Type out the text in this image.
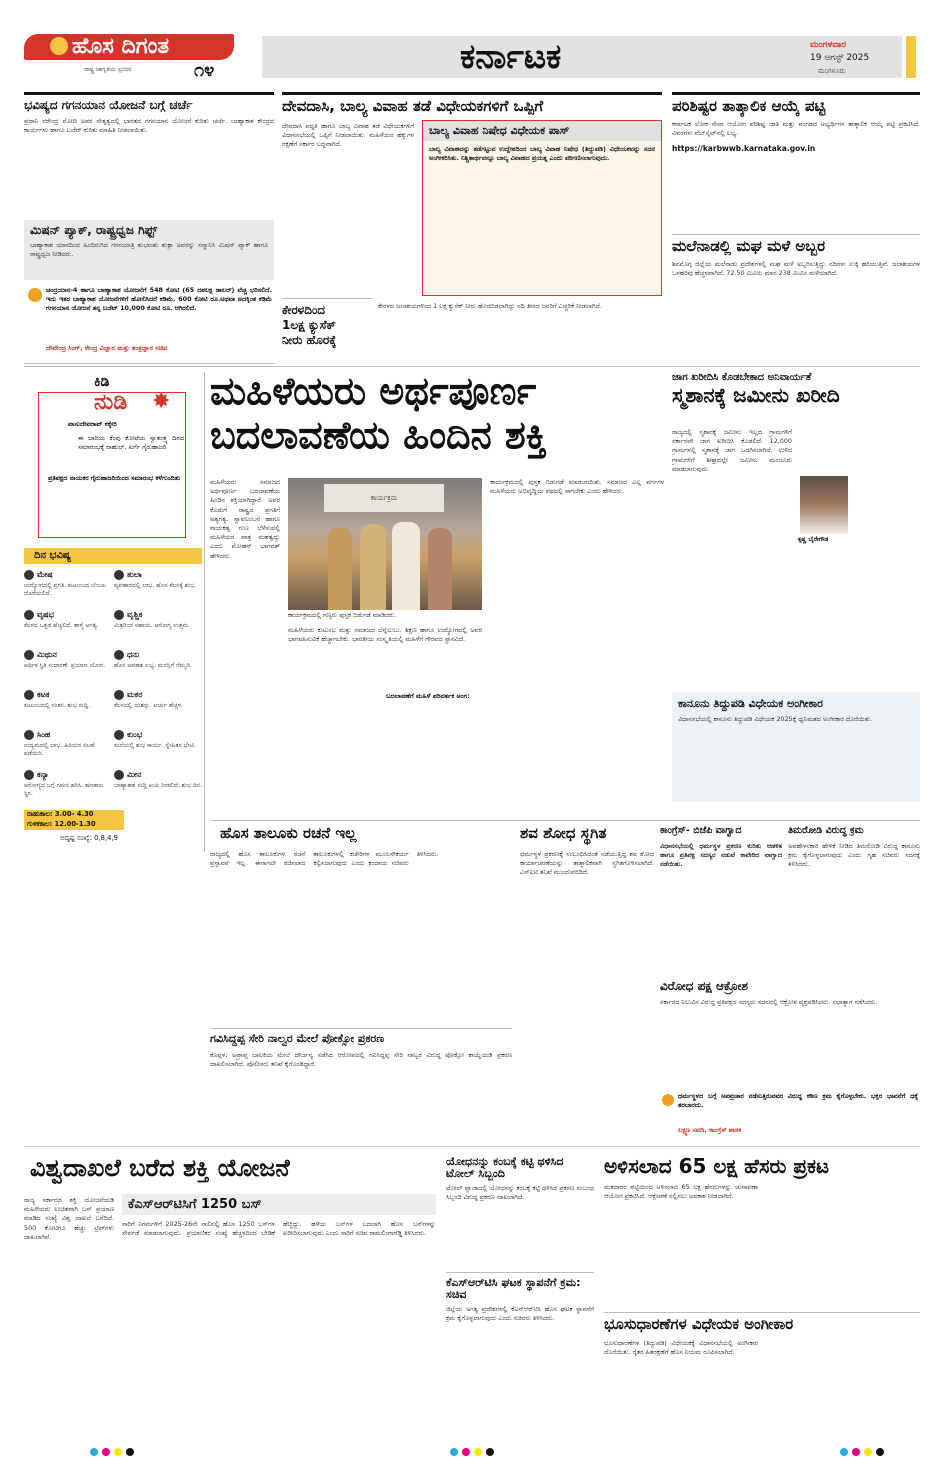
ಹೊಸ ದಿಗಂತ
ರಾಷ್ಟ್ರ ಜಾಗೃತಿಯ ಸ್ಪಂದನ	೧೪	ಕರ್ನಾಟಕ	ಮಂಗಳವಾರ
19 ಆಗಸ್ಟ್ 2025
ಮಂಗಳೂರು
ಭವಿಷ್ಯದ ಗಗನಯಾನ ಯೋಜನೆ ಬಗ್ಗೆ ಚರ್ಚೆ
ಪ್ರಧಾನಿ ನರೇಂದ್ರ ಮೋದಿ ಅವರ ನೇತೃತ್ವದಲ್ಲಿ ಭಾರತದ ಗಗನಯಾನ ಯೋಜನೆ ಕುರಿತು ಚರ್ಚೆ. ಬಾಹ್ಯಾಕಾಶ ಕೇಂದ್ರದ ಕಾರ್ಯಗಳು ಹಾಗೂ ಬಜೆಟ್ ಕುರಿತು ಮಾಹಿತಿ ನೀಡಲಾಯಿತು.
ಮಿಷನ್ ಪ್ಯಾಕ್, ರಾಷ್ಟ್ರಧ್ವಜ ಗಿಫ್ಟ್
ಬಾಹ್ಯಾಕಾಶ ಯಾನದಿಂದ ಹಿಂದಿರುಗಿದ ಗಗನಯಾತ್ರಿ ಶುಭಾಂಶು ಶುಕ್ಲಾ ಅವರನ್ನು ಸನ್ಮಾನಿಸಿ ಮಿಷನ್ ಪ್ಯಾಕ್ ಹಾಗೂ ರಾಷ್ಟ್ರಧ್ವಜ ನೀಡಿದರು.
ಚಂದ್ರಯಾನ-4 ಹಾಗೂ ಬಾಹ್ಯಾಕಾಶ ಯೋಜನೆಗೆ 548 ಕೋಟಿ (65 ದಶಲಕ್ಷ ಡಾಲರ್) ವೆಚ್ಚ ಭರಿಸಲಿದೆ. ಇದು ಇತರ ಬಾಹ್ಯಾಕಾಶ ಯೋಜನೆಗಳಿಗೆ ಹೋಲಿಸಿದರೆ ಕಡಿಮೆ. 600 ಕೋಟಿ ರೂ.ಅಥವಾ ಅದಕ್ಕಿಂತ ಕಡಿಮೆ ಗಗನಯಾನ ಯೋಜನೆ ತನ್ನ ಬಜೆಟ್ 10,000 ಕೋಟಿ ರೂ. ಆಗಿರಲಿದೆ.
ದೇವೇಂದ್ರ ಸಿಂಗ್, ಕೇಂದ್ರ ವಿಜ್ಞಾನ ಮತ್ತು ತಂತ್ರಜ್ಞಾನ ಸಚಿವ
ಕಿಡಿ
ನುಡಿ	✸
ವಾಸುದೇವರಾವ್ ಕಕ್ಕೇರಿ
ಈ ಬಾರಿಯ ಕೆಂಪು ಕೋಟೆಯ ಸ್ವಾತಂತ್ರ್ಯ ದಿನದ ಸಮಾರಂಭಕ್ಕೆ ರಾಹುಲ್, ಖರ್ಗೆ ಗೈರುಹಾಜರಿ
ಪ್ರತಿಪಕ್ಷದ ನಾಯಕರ ಗೈರುಹಾಜರಿಯಿಂದ ಸಮಾರಂಭ ಕಳೆಗುಂದಿತು
ದಿನ ಭವಿಷ್ಯ
ಮೇಷ
ಉದ್ಯೋಗದಲ್ಲಿ ಪ್ರಗತಿ. ಕುಟುಂಬದ ಬೆಂಬಲ ದೊರೆಯಲಿದೆ.
ತುಲಾ
ವ್ಯವಹಾರದಲ್ಲಿ ಲಾಭ. ಹೊಸ ಕೆಲಸಕ್ಕೆ ಶುಭ.
ವೃಷಭ
ಕೆಲಸದ ಒತ್ತಡ ಹೆಚ್ಚಲಿದೆ. ತಾಳ್ಮೆ ಅಗತ್ಯ.
ವೃಶ್ಚಿಕ
ಮಿತ್ರರಿಂದ ಸಹಾಯ. ಆರೋಗ್ಯ ಉತ್ತಮ.
ಮಿಥುನ
ಆರ್ಥಿಕ ಸ್ಥಿತಿ ಸುಧಾರಣೆ. ಪ್ರಯಾಣ ಯೋಗ.
ಧನು
ಹೊಸ ಅವಕಾಶ ಲಭ್ಯ. ಮನಸ್ಸಿಗೆ ನೆಮ್ಮದಿ.
ಕಟಕ
ಕುಟುಂಬದಲ್ಲಿ ಸಂತಸ. ಶುಭ ಸುದ್ದಿ.
ಮಕರ
ಕೆಲಸದಲ್ಲಿ ಯಶಸ್ಸು. ಖರ್ಚು ಹೆಚ್ಚಳ.
ಸಿಂಹ
ಉದ್ಯಮದಲ್ಲಿ ಲಾಭ. ಹಿರಿಯರ ಸಲಹೆ ಪಡೆಯಿರಿ.
ಕುಂಭ
ಮನೆಯಲ್ಲಿ ಶುಭ ಕಾರ್ಯ. ಸ್ನೇಹಿತರ ಭೇಟಿ.
ಕನ್ಯಾ
ಆರೋಗ್ಯದ ಬಗ್ಗೆ ಗಮನ ಹರಿಸಿ. ಹಣಕಾಸು ಸ್ಥಿರ.
ಮೀನ
ಬಾಹ್ಯಾಕಾಶ ಸುದ್ದಿ ಖುಷಿ ನೀಡಲಿದೆ. ಶುಭ ದಿನ.
ರಾಹುಕಾಲ: 3.00- 4.30
ಗುಳಿಕಕಾಲ: 12.00-1.30
ಅದೃಷ್ಟ ಸಂಖ್ಯೆ: 0,8,4,9
ದೇವದಾಸಿ, ಬಾಲ್ಯ ವಿವಾಹ ತಡೆ ವಿಧೇಯಕಗಳಿಗೆ ಒಪ್ಪಿಗೆ
ದೇವದಾಸಿ ಪದ್ಧತಿ ಹಾಗೂ ಬಾಲ್ಯ ವಿವಾಹ ತಡೆ ವಿಧೇಯಕಗಳಿಗೆ ವಿಧಾನಸಭೆಯಲ್ಲಿ ಒಪ್ಪಿಗೆ ನೀಡಲಾಯಿತು. ಮಹಿಳೆಯರ ಹಕ್ಕುಗಳ ರಕ್ಷಣೆಗೆ ಸರ್ಕಾರ ಬದ್ಧವಾಗಿದೆ.
ಬಾಲ್ಯ ವಿವಾಹ ನಿಷೇಧ ವಿಧೇಯಕ ಪಾಸ್
ಬಾಲ್ಯ ವಿವಾಹವನ್ನು ತಡೆಗಟ್ಟುವ ಉದ್ದೇಶದಿಂದ ಬಾಲ್ಯ ವಿವಾಹ ನಿಷೇಧ (ತಿದ್ದುಪಡಿ) ವಿಧೇಯಕವನ್ನು ಸದನ ಅಂಗೀಕರಿಸಿತು. ನಿಶ್ಚಿತಾರ್ಥವನ್ನೂ ಬಾಲ್ಯ ವಿವಾಹದ ಪ್ರಯತ್ನ ಎಂದು ಪರಿಗಣಿಸಲಾಗುವುದು.
ಕೇರಳದಿಂದ
1ಲಕ್ಷ ಕ್ಯುಸೆಕ್
ನೀರು ಹೊರಕ್ಕೆ
ಕೇರಳದ ಜಲಾಶಯಗಳಿಂದ 1 ಲಕ್ಷ ಕ್ಯುಸೆಕ್ ನೀರು ಹೊರಬಿಡಲಾಗಿದ್ದು ನದಿ ತೀರದ ಜನರಿಗೆ ಎಚ್ಚರಿಕೆ ನೀಡಲಾಗಿದೆ.
ಪರಿಶಿಷ್ಟರ ತಾತ್ಕಾಲಿಕ ಆಯ್ಕೆ ಪಟ್ಟಿ
ಕರ್ನಾಟಕ ಲೋಕ ಸೇವಾ ಆಯೋಗ ಪರಿಶಿಷ್ಟ ಜಾತಿ ಮತ್ತು ಪಂಗಡದ ಅಭ್ಯರ್ಥಿಗಳ ತಾತ್ಕಾಲಿಕ ಆಯ್ಕೆ ಪಟ್ಟಿ ಪ್ರಕಟಿಸಿದೆ. ವಿವರಗಳು ವೆಬ್‌ಸೈಟ್‌ನಲ್ಲಿ ಲಭ್ಯ.
https://karbwwb.karnataka.gov.in
ಮಲೆನಾಡಲ್ಲಿ ಮಘ ಮಳೆ ಅಬ್ಬರ
ಶಿವಮೊಗ್ಗ ಜಿಲ್ಲೆಯ ಮಲೆನಾಡು ಪ್ರದೇಶಗಳಲ್ಲಿ ಮಘ ಮಳೆ ಅಬ್ಬರಿಸುತ್ತಿದ್ದು ನದಿಗಳು ಉಕ್ಕಿ ಹರಿಯುತ್ತಿವೆ. ಜಲಾಶಯಗಳ ಒಳಹರಿವು ಹೆಚ್ಚಳವಾಗಿದೆ. 72.50 ಮಿಮೀ, ಮಾನ 238 ಮಿಮೀ ಮಳೆಯಾಗಿದೆ.
ಮಹಿಳೆಯರು ಅರ್ಥಪೂರ್ಣ
ಬದಲಾವಣೆಯ ಹಿಂದಿನ ಶಕ್ತಿ
ಮಹಿಳೆಯರು ಸಮಾಜದ ಅರ್ಥಪೂರ್ಣ ಬದಲಾವಣೆಯ ಹಿಂದಿನ ಶಕ್ತಿಯಾಗಿದ್ದಾರೆ. ಅವರ ಕೊಡುಗೆ ರಾಷ್ಟ್ರದ ಪ್ರಗತಿಗೆ ಅತ್ಯಗತ್ಯ. ಸ್ವಾವಲಂಬನೆ ಹಾಗೂ ನಾಯಕತ್ವ ಗುಣ ಬೆಳೆಸುವಲ್ಲಿ ಮಹಿಳೆಯರ ಪಾತ್ರ ಮಹತ್ವದ್ದು ಎಂದು ಮೋಹನ್ ಭಾಗವತ್ ಹೇಳಿದರು.
ಕಾರ್ಯಕ್ರಮ
ಕಾರ್ಯಕ್ರಮದಲ್ಲಿ ಗಣ್ಯರು ಪುಸ್ತಕ ಬಿಡುಗಡೆ ಮಾಡಿದರು.
ಮಹಿಳೆಯರು ಕುಟುಂಬ ಮತ್ತು ಸಮಾಜದ ಬೆನ್ನೆಲುಬು. ಶಿಕ್ಷಣ ಹಾಗೂ ಉದ್ಯೋಗದಲ್ಲಿ ಅವರ ಭಾಗವಹಿಸುವಿಕೆ ಹೆಚ್ಚಾಗಬೇಕು. ಭಾರತೀಯ ಸಂಸ್ಕೃತಿಯಲ್ಲಿ ಮಹಿಳೆಗೆ ಗೌರವದ ಸ್ಥಾನವಿದೆ.
ಬದಲಾವಣೆಗೆ ಮಹಿಳೆ ಪರಿವರ್ತಕ ಅಂಗ:
ಕಾರ್ಯಕ್ರಮದಲ್ಲಿ ಪುಸ್ತಕ ಬಿಡುಗಡೆ ಮಾಡಲಾಯಿತು. ಸಮಾಜದ ಎಲ್ಲ ವರ್ಗಗಳ ಮಹಿಳೆಯರು ಅಭಿವೃದ್ಧಿಯ ಪಥದಲ್ಲಿ ಸಾಗಬೇಕು ಎಂದು ಹೇಳಿದರು.
ಜಾಗ ಖರೀದಿಸಿ ಕೊಡಬೇಕಾದ ಅನಿವಾರ್ಯತೆ
ಸ್ಮಶಾನಕ್ಕೆ ಜಮೀನು ಖರೀದಿ
ರಾಜ್ಯದಲ್ಲಿ ಸ್ಮಶಾನಕ್ಕೆ ಜಮೀನು ಇಲ್ಲದ ಗ್ರಾಮಗಳಿಗೆ ಸರ್ಕಾರವೇ ಜಾಗ ಖರೀದಿಸಿ ಕೊಡಲಿದೆ. 12,000 ಗ್ರಾಮಗಳಲ್ಲಿ ಸ್ಮಶಾನಕ್ಕೆ ಜಾಗ ಒದಗಿಸಲಾಗಿದೆ. ಉಳಿದ ಗ್ರಾಮಗಳಿಗೆ ಶೀಘ್ರದಲ್ಲೇ ಜಮೀನು ಮಂಜೂರು ಮಾಡಲಾಗುವುದು.
ಕೃಷ್ಣ ಬೈರೇಗೌಡ
ಕಾನೂನು ತಿದ್ದುಪಡಿ ವಿಧೇಯಕ ಅಂಗೀಕಾರ
ವಿಧಾನಸಭೆಯಲ್ಲಿ ಕಾನೂನು ತಿದ್ದುಪಡಿ ವಿಧೇಯಕ 2025ಕ್ಕೆ ಧ್ವನಿಮತದ ಅಂಗೀಕಾರ ದೊರೆಯಿತು.
ಹೊಸ ತಾಲೂಕು ರಚನೆ ಇಲ್ಲ
ರಾಜ್ಯದಲ್ಲಿ ಹೊಸ ತಾಲೂಕುಗಳ ರಚನೆ ಪ್ರಸ್ತಾವನೆ ಇಲ್ಲ. ಈಗಾಗಲೇ ರಚಿಸಲಾದ ತಾಲೂಕುಗಳಲ್ಲಿ ಕಚೇರಿಗಳ ಮೂಲಸೌಕರ್ಯ ಕಲ್ಪಿಸಲಾಗುವುದು ಎಂದು ಕಂದಾಯ ಸಚಿವರು ತಿಳಿಸಿದರು.
ಶವ ಶೋಧ ಸ್ಥಗಿತ
ಧರ್ಮಸ್ಥಳ ಪ್ರಕರಣಕ್ಕೆ ಸಂಬಂಧಿಸಿದಂತೆ ನಡೆಯುತ್ತಿದ್ದ ಶವ ಶೋಧ ಕಾರ್ಯಾಚರಣೆಯನ್ನು ತಾತ್ಕಾಲಿಕವಾಗಿ ಸ್ಥಗಿತಗೊಳಿಸಲಾಗಿದೆ. ಎಸ್ಐಟಿ ತನಿಖೆ ಮುಂದುವರಿದಿದೆ.
ಕಾಂಗ್ರೆಸ್- ಬಿಜೆಪಿ ವಾಗ್ವಾದ
ವಿಧಾನಸಭೆಯಲ್ಲಿ ಧರ್ಮಸ್ಥಳ ಪ್ರಕರಣ ಕುರಿತು ಆಡಳಿತ ಹಾಗೂ ಪ್ರತಿಪಕ್ಷ ಸದಸ್ಯರ ನಡುವೆ ಕಾವೇರಿದ ವಾಗ್ವಾದ ನಡೆಯಿತು.
ತಿಮರೋಡಿ ವಿರುದ್ಧ ಕ್ರಮ
ಅವಹೇಳನಕಾರಿ ಹೇಳಿಕೆ ನೀಡಿದ ತಿಮರೋಡಿ ವಿರುದ್ಧ ಕಾನೂನು ಕ್ರಮ ಕೈಗೊಳ್ಳಲಾಗುವುದು ಎಂದು ಗೃಹ ಸಚಿವರು ಸದನಕ್ಕೆ ತಿಳಿಸಿದರು.
ವಿರೋಧ ಪಕ್ಷ ಆಕ್ರೋಶ
ಸರ್ಕಾರದ ನಿಲುವಿನ ವಿರುದ್ಧ ಪ್ರತಿಪಕ್ಷದ ಸದಸ್ಯರು ಸದನದಲ್ಲಿ ಆಕ್ರೋಶ ವ್ಯಕ್ತಪಡಿಸಿದರು. ಸಭಾತ್ಯಾಗ ನಡೆಸಿದರು.
ಧರ್ಮಸ್ಥಳದ ಬಗ್ಗೆ ಅಪಪ್ರಚಾರ ನಡೆಸುತ್ತಿರುವವರ ವಿರುದ್ಧ ಕಠಿಣ ಕ್ರಮ ಕೈಗೊಳ್ಳಬೇಕು. ಭಕ್ತರ ಭಾವನೆಗೆ ಧಕ್ಕೆ ತರಬಾರದು.
ಲಕ್ಷ್ಮಣ ಸವದಿ, ಕಾಂಗ್ರೆಸ್ ಶಾಸಕ
ಗವಿಸಿದ್ದಪ್ಪ ಸೇರಿ ನಾಲ್ವರ ಮೇಲೆ ಪೋಕ್ಸೋ ಪ್ರಕರಣ
ಕೊಪ್ಪಳ: ಅಪ್ರಾಪ್ತ ಬಾಲಕಿಯ ಮೇಲೆ ದೌರ್ಜನ್ಯ ನಡೆಸಿದ ಆರೋಪದಲ್ಲಿ ಗವಿಸಿದ್ದಪ್ಪ ಸೇರಿ ನಾಲ್ವರ ವಿರುದ್ಧ ಪೋಕ್ಸೋ ಕಾಯ್ದೆಯಡಿ ಪ್ರಕರಣ ದಾಖಲಿಸಲಾಗಿದೆ. ಪೊಲೀಸರು ತನಿಖೆ ಕೈಗೊಂಡಿದ್ದಾರೆ.
ವಿಶ್ವದಾಖಲೆ ಬರೆದ ಶಕ್ತಿ ಯೋಜನೆ
ರಾಜ್ಯ ಸರ್ಕಾರದ ಶಕ್ತಿ ಯೋಜನೆಯಡಿ ಮಹಿಳೆಯರು ಉಚಿತವಾಗಿ ಬಸ್ ಪ್ರಯಾಣ ಮಾಡಿದ ಸಂಖ್ಯೆ ವಿಶ್ವ ದಾಖಲೆ ಬರೆದಿದೆ. 500 ಕೋಟಿಗೂ ಹೆಚ್ಚು ಟ್ರಿಪ್‌ಗಳು ದಾಖಲಾಗಿವೆ.
ಕೆಎಸ್‌ಆರ್‌ಟಿಸಿಗೆ 1250 ಬಸ್
ಸಾರಿಗೆ ನಿಗಮಗಳಿಗೆ 2025-26ನೇ ಸಾಲಿನಲ್ಲಿ ಹೊಸ 1250 ಬಸ್‌ಗಳ ಸೇರ್ಪಡೆ ಮಾಡಲಾಗುವುದು. ಪ್ರಯಾಣಿಕರ ಸಂಖ್ಯೆ ಹೆಚ್ಚಳದಿಂದ ಬೇಡಿಕೆ ಹೆಚ್ಚಿದ್ದು, ಹಳೆಯ ಬಸ್‌ಗಳ ಬದಲಾಗಿ ಹೊಸ ಬಸ್‌ಗಳನ್ನು ಖರೀದಿಸಲಾಗುವುದು ಎಂದು ಸಾರಿಗೆ ಸಚಿವ ರಾಮಲಿಂಗಾರೆಡ್ಡಿ ತಿಳಿಸಿದರು.
ಯೋಧನನ್ನು ಕಂಬಕ್ಕೆ ಕಟ್ಟಿ ಥಳಿಸಿದ ಟೋಲ್ ಸಿಬ್ಬಂದಿ
ಟೋಲ್ ಪ್ಲಾಜಾದಲ್ಲಿ ಯೋಧನನ್ನು ಕಂಬಕ್ಕೆ ಕಟ್ಟಿ ಥಳಿಸಿದ ಪ್ರಕರಣ ಸಂಬಂಧ ಸಿಬ್ಬಂದಿ ವಿರುದ್ಧ ಪ್ರಕರಣ ದಾಖಲಾಗಿದೆ.
ಕೆಎಸ್‌ಆರ್‌ಟಿಸಿ ಘಟಕ ಸ್ಥಾಪನೆಗೆ ಕ್ರಮ: ಸಚಿವ
ಜಿಲ್ಲೆಯ ಅಗತ್ಯ ಪ್ರದೇಶಗಳಲ್ಲಿ ಕೆಎಸ್‌ಆರ್‌ಟಿಸಿ ಹೊಸ ಘಟಕ ಸ್ಥಾಪನೆಗೆ ಕ್ರಮ ಕೈಗೊಳ್ಳಲಾಗುವುದು ಎಂದು ಸಚಿವರು ತಿಳಿಸಿದರು.
ಅಳಿಸಲಾದ 65 ಲಕ್ಷ ಹೆಸರು ಪ್ರಕಟ
ಮತದಾರರ ಪಟ್ಟಿಯಿಂದ ಅಳಿಸಲಾದ 65 ಲಕ್ಷ ಹೆಸರುಗಳನ್ನು ಚುನಾವಣಾ ಆಯೋಗ ಪ್ರಕಟಿಸಿದೆ. ಆಕ್ಷೇಪಣೆ ಸಲ್ಲಿಸಲು ಅವಕಾಶ ನೀಡಲಾಗಿದೆ.
ಭೂಸುಧಾರಣೆಗಳ ವಿಧೇಯಕ ಅಂಗೀಕಾರ
ಭೂಸುಧಾರಣೆಗಳ (ತಿದ್ದುಪಡಿ) ವಿಧೇಯಕಕ್ಕೆ ವಿಧಾನಸಭೆಯಲ್ಲಿ ಅಂಗೀಕಾರ ದೊರೆಯಿತು. ರೈತರ ಹಿತರಕ್ಷಣೆಗೆ ಹೊಸ ನಿಯಮ ರೂಪಿಸಲಾಗಿದೆ.
